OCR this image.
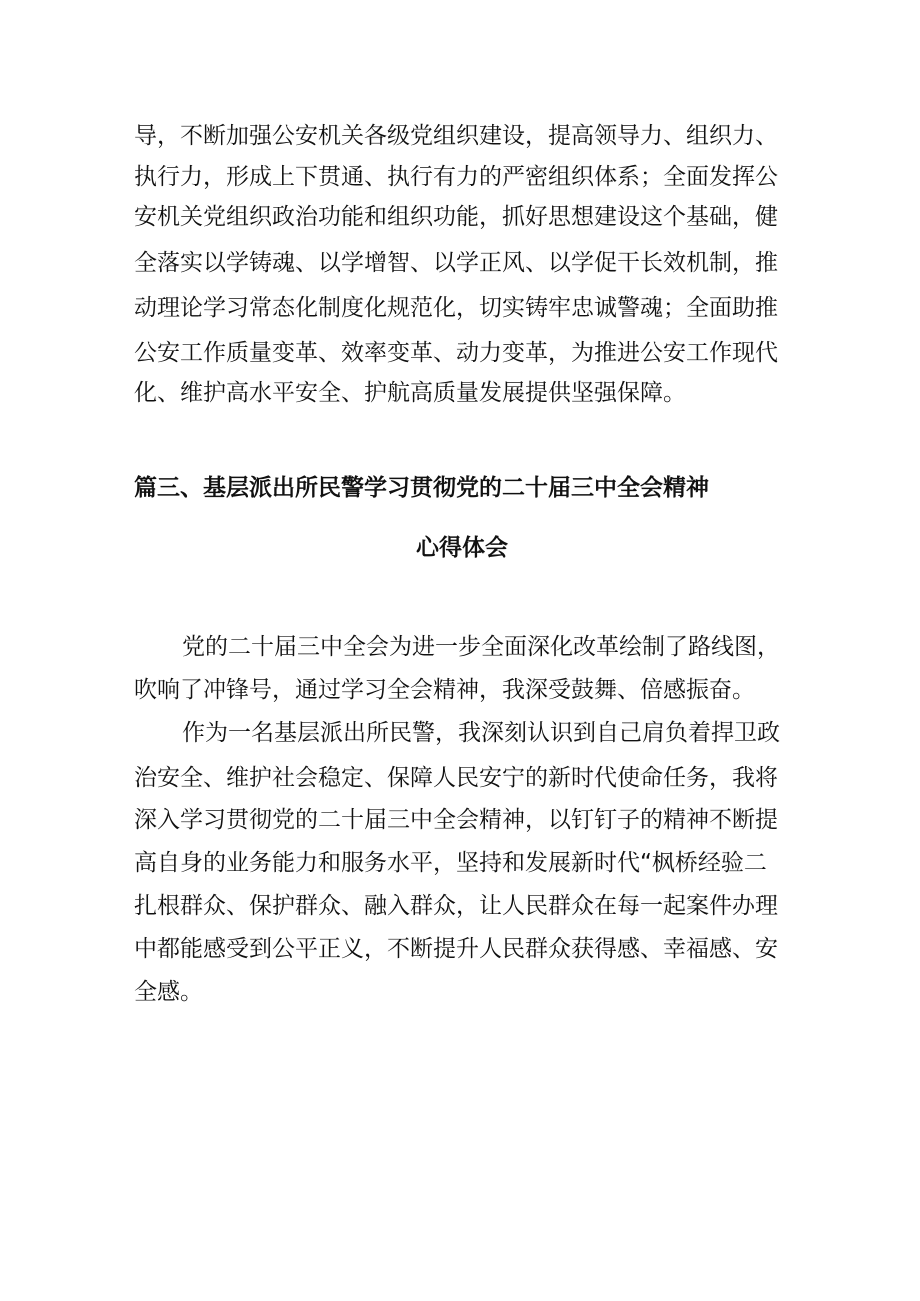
导，不断加强公安机关各级党组织建设，提高领导力、组织力、
执行力，形成上下贯通、执行有力的严密组织体系；全面发挥公
安机关党组织政治功能和组织功能，抓好思想建设这个基础，健
全落实以学铸魂、以学增智、以学正风、以学促干长效机制，推
动理论学习常态化制度化规范化，切实铸牢忠诚警魂；全面助推
公安工作质量变革、效率变革、动力变革，为推进公安工作现代
化、维护高水平安全、护航高质量发展提供坚强保障。
篇三、基层派出所民警学习贯彻党的二十届三中全会精神
心得体会
党的二十届三中全会为进一步全面深化改革绘制了路线图，
吹响了冲锋号，通过学习全会精神，我深受鼓舞、倍感振奋。
作为一名基层派出所民警，我深刻认识到自己肩负着捍卫政
治安全、维护社会稳定、保障人民安宁的新时代使命任务，我将
深入学习贯彻党的二十届三中全会精神，以钉钉子的精神不断提
高自身的业务能力和服务水平，坚持和发展新时代“枫桥经验二
扎根群众、保护群众、融入群众，让人民群众在每一起案件办理
中都能感受到公平正义，不断提升人民群众获得感、幸福感、安
全感。
